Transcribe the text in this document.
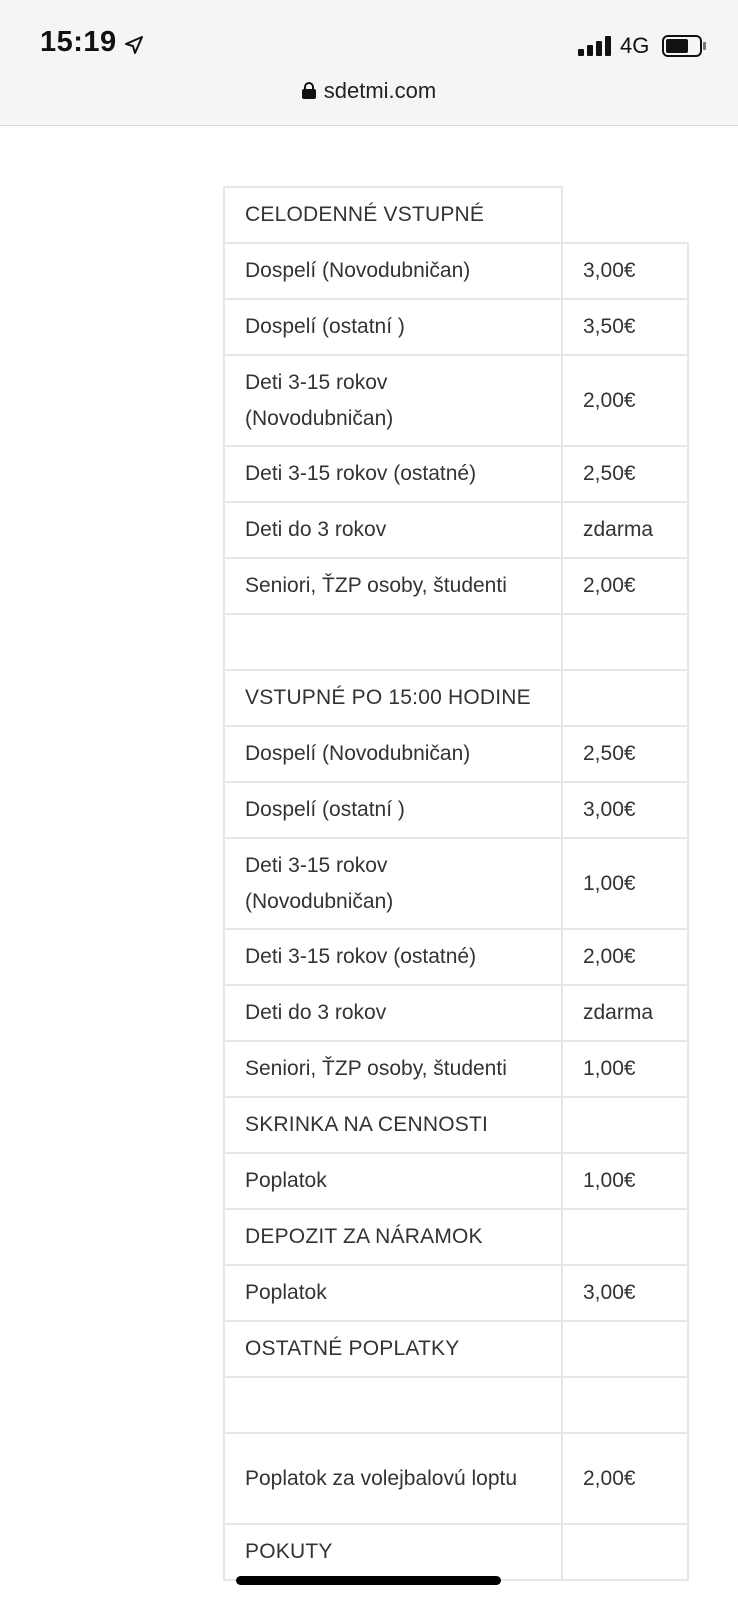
15:19	4G
sdetmi.com
CELODENNÉ VSTUPNÉ	
Dospelí (Novodubničan)	3,00€
Dospelí (ostatní )	3,50€
Deti 3-15 rokov (Novodubničan)	2,00€
Deti 3-15 rokov (ostatné)	2,50€
Deti do 3 rokov	zdarma
Seniori, ŤZP osoby, študenti	2,00€

VSTUPNÉ PO 15:00 HODINE	
Dospelí (Novodubničan)	2,50€
Dospelí (ostatní )	3,00€
Deti 3-15 rokov (Novodubničan)	1,00€
Deti 3-15 rokov (ostatné)	2,00€
Deti do 3 rokov	zdarma
Seniori, ŤZP osoby, študenti	1,00€
SKRINKA NA CENNOSTI	
Poplatok	1,00€
DEPOZIT ZA NÁRAMOK	
Poplatok	3,00€
OSTATNÉ POPLATKY	

Poplatok za volejbalovú loptu	2,00€
POKUTY	
